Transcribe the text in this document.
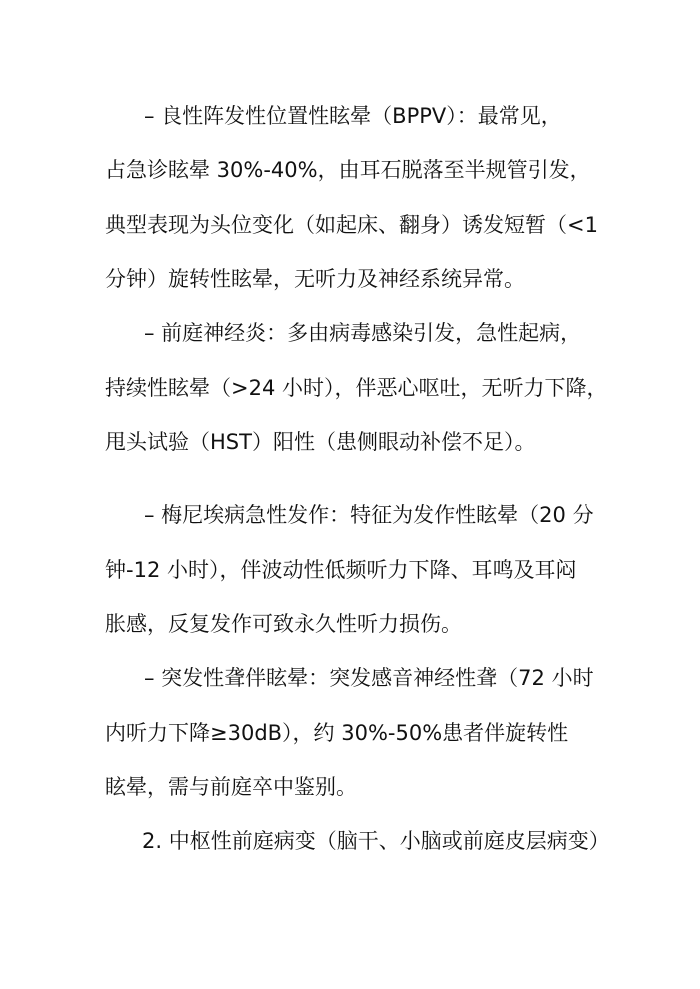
– 良性阵发性位置性眩晕（BPPV）：最常见，
占急诊眩晕 30%-40%，由耳石脱落至半规管引发，
典型表现为头位变化（如起床、翻身）诱发短暂（<1
分钟）旋转性眩晕，无听力及神经系统异常。
– 前庭神经炎：多由病毒感染引发，急性起病，
持续性眩晕（>24 小时），伴恶心呕吐，无听力下降，
甩头试验（HST）阳性（患侧眼动补偿不足）。
– 梅尼埃病急性发作：特征为发作性眩晕（20 分
钟-12 小时），伴波动性低频听力下降、耳鸣及耳闷
胀感，反复发作可致永久性听力损伤。
– 突发性聋伴眩晕：突发感音神经性聋（72 小时
内听力下降≥30dB），约 30%-50%患者伴旋转性
眩晕，需与前庭卒中鉴别。
2. 中枢性前庭病变（脑干、小脑或前庭皮层病变）
